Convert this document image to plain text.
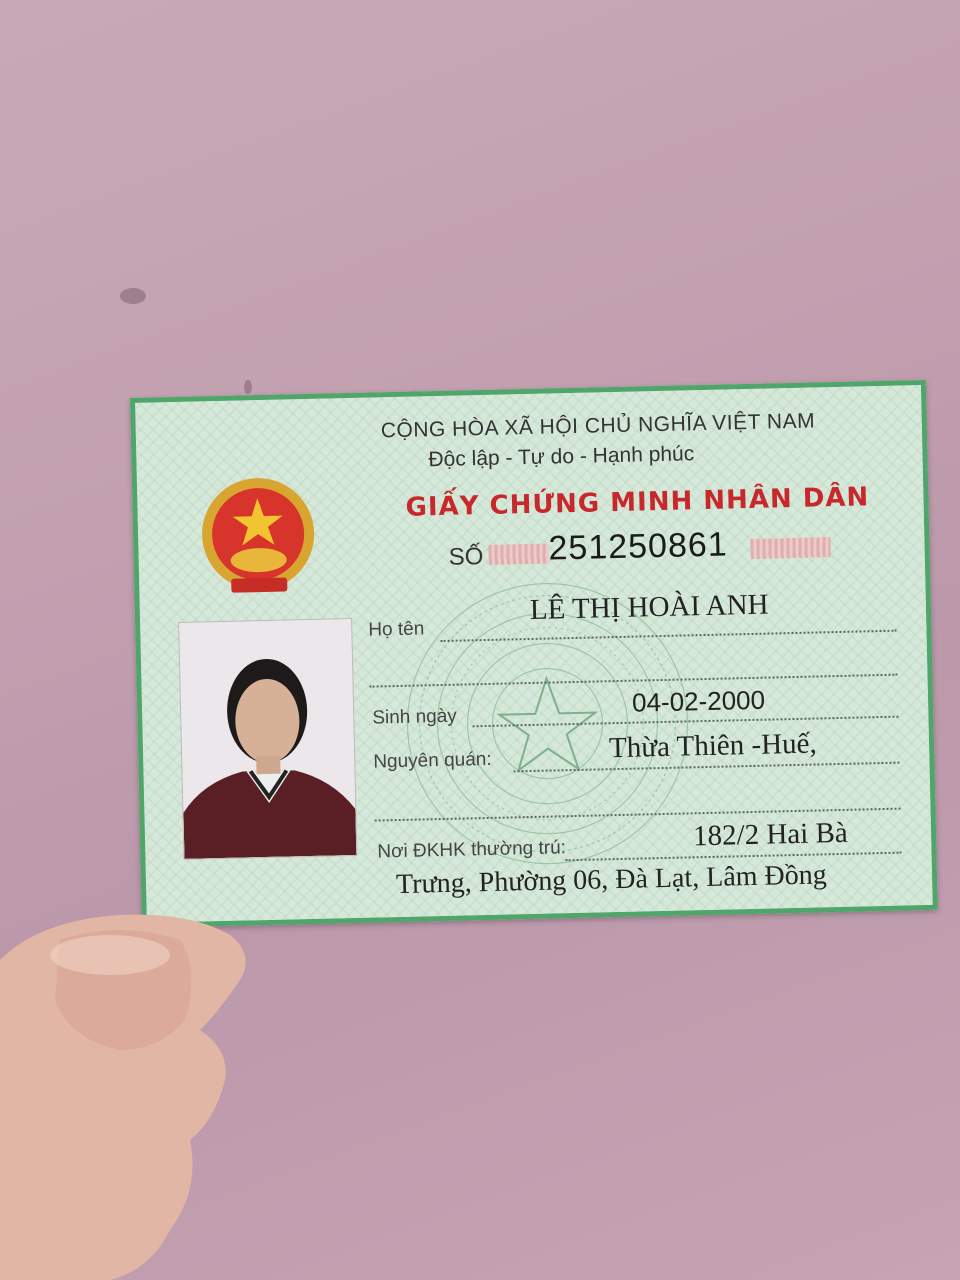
CỘNG HÒA XÃ HỘI CHỦ NGHĨA VIỆT NAM
Độc lập - Tự do - Hạnh phúc
GIẤY CHỨNG MINH NHÂN DÂN
SỐ 251250861
Họ tên
LÊ THỊ HOÀI ANH
Sinh ngày	04-02-2000
Nguyên quán:	Thừa Thiên -Huế,
Nơi ĐKHK thường trú:	182/2 Hai Bà
Trưng, Phường 06, Đà Lạt, Lâm Đồng
